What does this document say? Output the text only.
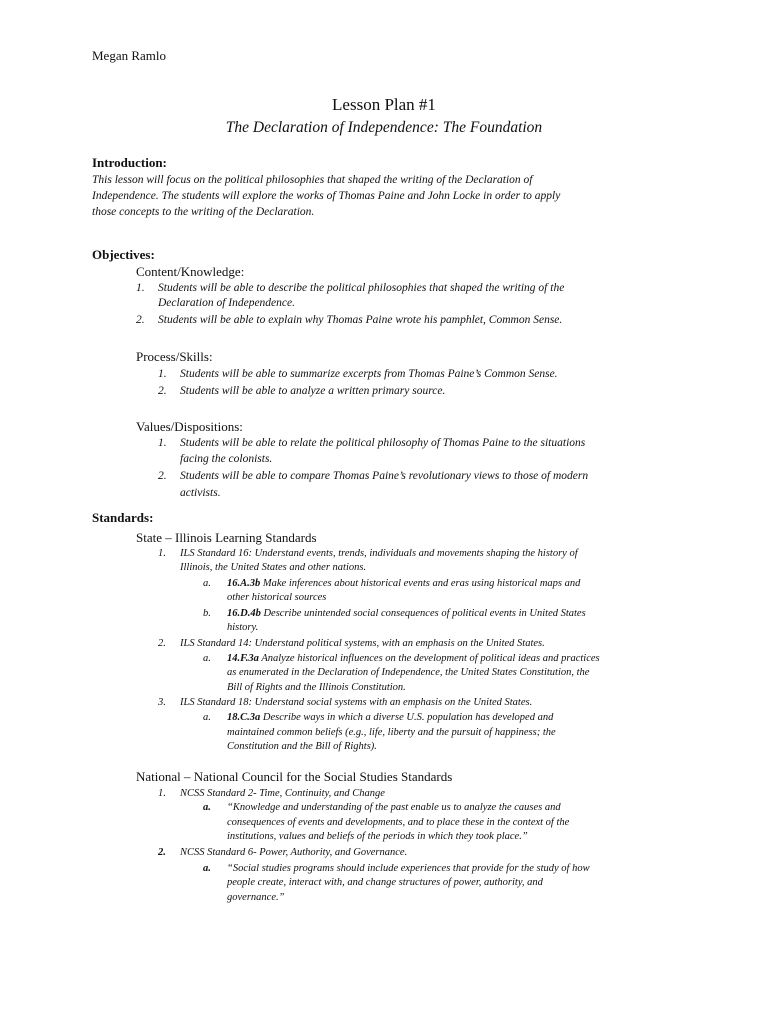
Megan Ramlo
Lesson Plan #1
The Declaration of Independence: The Foundation
Introduction:
This lesson will focus on the political philosophies that shaped the writing of the Declaration of
Independence. The students will explore the works of Thomas Paine and John Locke in order to apply
those concepts to the writing of the Declaration.
Objectives:
Content/Knowledge:
1. Students will be able to describe the political philosophies that shaped the writing of the
Declaration of Independence.
2. Students will be able to explain why Thomas Paine wrote his pamphlet, Common Sense.
Process/Skills:
1. Students will be able to summarize excerpts from Thomas Paine’s Common Sense.
2. Students will be able to analyze a written primary source.
Values/Dispositions:
1. Students will be able to relate the political philosophy of Thomas Paine to the situations
facing the colonists.
2. Students will be able to compare Thomas Paine’s revolutionary views to those of modern
activists.
Standards:
State – Illinois Learning Standards
1. ILS Standard 16: Understand events, trends, individuals and movements shaping the history of
Illinois, the United States and other nations.
a. 16.A.3b Make inferences about historical events and eras using historical maps and
other historical sources
b. 16.D.4b Describe unintended social consequences of political events in United States
history.
2. ILS Standard 14: Understand political systems, with an emphasis on the United States.
a. 14.F.3a Analyze historical influences on the development of political ideas and practices
as enumerated in the Declaration of Independence, the United States Constitution, the
Bill of Rights and the Illinois Constitution.
3. ILS Standard 18: Understand social systems with an emphasis on the United States.
a. 18.C.3a Describe ways in which a diverse U.S. population has developed and
maintained common beliefs (e.g., life, liberty and the pursuit of happiness; the
Constitution and the Bill of Rights).
National – National Council for the Social Studies Standards
1. NCSS Standard 2- Time, Continuity, and Change
a. “Knowledge and understanding of the past enable us to analyze the causes and
consequences of events and developments, and to place these in the context of the
institutions, values and beliefs of the periods in which they took place.”
2. NCSS Standard 6- Power, Authority, and Governance.
a. “Social studies programs should include experiences that provide for the study of how
people create, interact with, and change structures of power, authority, and
governance.”
